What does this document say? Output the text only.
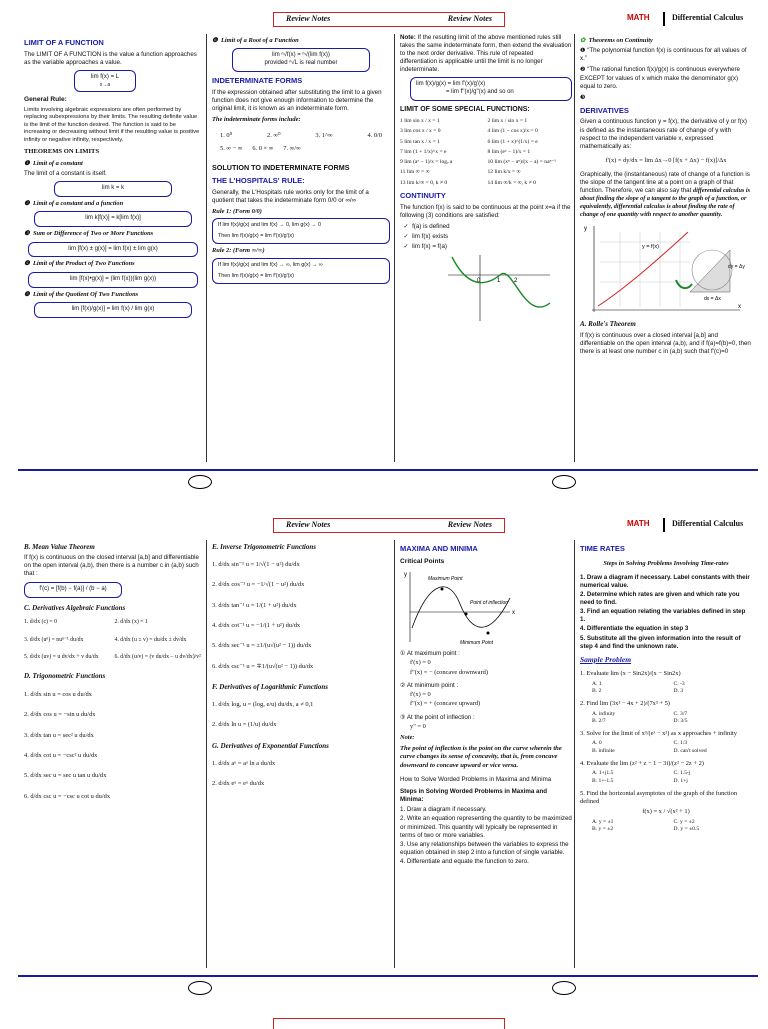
Review Notes	Review Notes	MATH	Differential Calculus
LIMIT OF A FUNCTION

The LIMIT OF A FUNCTION is the value a function approaches as the variable approaches a value.

lim f(x) = L
x→a
General Rule:

Limits involving algebraic expressions are often performed by replacing subexpressions by their limits. The resulting definite value is the limit of the function desired. The function is said to be increasing or decreasing without limit if the resulting value is positive infinity or negative infinity, respectively.

THEOREMS ON LIMITS
❶  Limit of a constant

The limit of a constant is itself.

lim k = k
❷  Limit of a constant and a function
lim k[f(x)] = k[lim f(x)]
❸  Sum or Difference of Two or More Functions
lim [f(x) ± g(x)] = lim f(x) ± lim g(x)
❹  Limit of the Product of Two Functions
lim [f(x)•g(x)] = (lim f(x))(lim g(x))
❺  Limit of the Quotient Of Two Functions
lim [f(x)/g(x)] = lim f(x) / lim g(x)
❻  Limit of a Root of a Function
lim ⁿ√f(x) = ⁿ√(lim f(x))
provided ⁿ√L is real number
INDETERMINATE FORMS

If the expression obtained after substituting the limit to a given function does not give enough information to determine the original limit, it is known as an indeterminate form.

The indeterminate forms include:
1. 0⁰	2. ∞⁰	3. 1^∞	4. 0/0
5. ∞ − ∞ 6. 0 × ∞ 7. ∞/∞
SOLUTION TO INDETERMINATE FORMS
THE L'HOSPITALS' RULE:

Generally, the L'Hospitals rule works only for the limit of a quotient that takes the indeterminate form 0/0 or ∞/∞

Rule 1: (Form 0/0)
If lim f(x)/g(x) and lim f(x) → 0, lim g(x) → 0
Then lim f(x)/g(x) = lim f'(x)/g'(x)
Rule 2: (Form ∞/∞)
If lim f(x)/g(x) and lim f(x) → ∞, lim g(x) → ∞
Then lim f(x)/g(x) = lim f'(x)/g'(x)

Note: If the resulting limit of the above mentioned rules still takes the same indeterminate form, then extend the evaluation to the next order derivative. This rule of repeated differentiation is applicable until the limit is no longer indeterminate.

lim f(x)/g(x) = lim f'(x)/g'(x)
= lim f''(x)/g''(x) and so on
LIMIT OF SOME SPECIAL FUNCTIONS:
1 lim sin x / x = 1	2 lim x / sin x = 1
3 lim cos x / x = 0	4 lim (1 − cos x)/x = 0
5 lim tan x / x = 1	6 lim (1 + x)^(1/x) = e
7 lim (1 + 1/x)^x = e	8 lim (eˣ − 1)/x = 1
9 lim (aˣ − 1)/x = logₑ a	10 lim (xⁿ − aⁿ)/(x − a) = naⁿ⁻¹
11 lim ∞ = ∞	12 lim k/x = ∞
13 lim k/∞ = 0, k ≠ 0	14 lim ∞/k = ∞, k ≠ 0
CONTINUITY

The function f(x) is said to be continuous at the point x=a if the following (3) conditions are satisfied:

✓  f(a) is defined
✓  lim f(x) exists
✓  lim f(x) = f(a)
0	1 2
✿ Theorems on Continuity

❶ “The polynomial function f(x) is continuous for all values of x.”

❷ “The rational function f(x)/g(x) is continuous everywhere EXCEPT for values of x which make the denominator g(x) equal to zero.

❸
DERIVATIVES

Given a continuous function y = f(x), the derivative of y or f(x) is defined as the instantaneous rate of change of y with respect to the independent variable x, expressed mathematically as:

f'(x) = dy/dx = lim Δx→0 [f(x + Δx) − f(x)]/Δx

Graphically, the (instantaneous) rate of change of a function is the slope of the tangent line at a point on a graph of that function. Therefore, we can also say that differential calculus is about finding the slope of a tangent to the graph of a function, or equivalently, differential calculus is about finding the rate of change of one quantity with respect to another quantity.

y
y = f(x)
dy = Δy
dx = Δx
x
A. Rolle's Theorem

If f(x) is continuous over a closed interval [a,b] and differentiable on the open interval (a,b), and if f(a)=f(b)=0, then there is at least one number c in (a,b) such that f'(c)=0

Review Notes	Review Notes	MATH	Differential Calculus
B. Mean Value Theorem

If f(x) is continuous on the closed interval [a,b] and differentiable on the open interval (a,b), then there is a number c in (a,b) such that :

f'(c) = [f(b) − f(a)] / (b − a)
C. Derivatives Algebraic Functions
1. d/dx (c) = 0	2. d/dx (x) = 1
3. d/dx (uⁿ) = nuⁿ⁻¹ du/dx	4. d/dx (u ± v) = du/dx ± dv/dx
5. d/dx (uv) = u dv/dx + v du/dx	6. d/dx (u/v) = (v du/dx − u dv/dx)/v²
D. Trigonometric Functions
1. d/dx sin u = cos u du/dx
2. d/dx cos u = −sin u du/dx
3. d/dx tan u = sec² u du/dx
4. d/dx cot u = −csc² u du/dx
5. d/dx sec u = sec u tan u du/dx
6. d/dx csc u = −csc u cot u du/dx
E. Inverse Trigonometric Functions
1. d/dx sin⁻¹ u = 1/√(1 − u²) du/dx
2. d/dx cos⁻¹ u = −1/√(1 − u²) du/dx
3. d/dx tan⁻¹ u = 1/(1 + u²) du/dx
4. d/dx cot⁻¹ u = −1/(1 + u²) du/dx
5. d/dx sec⁻¹ u = ±1/(u√(u² − 1)) du/dx
6. d/dx csc⁻¹ u = ∓1/(u√(u² − 1)) du/dx
F. Derivatives of Logarithmic Functions
1. d/dx logₐ u = (logₐ e/u) du/dx, a ≠ 0,1
2. d/dx ln u = (1/u) du/dx
G. Derivatives of Exponential Functions
1. d/dx aᵘ = aᵘ ln a du/dx
2. d/dx eᵘ = eᵘ du/dx
MAXIMA AND MINIMA
Critical Points
y
Maximum Point
Point of inflection
x
Minimum Point
① At maximum point :
f'(x) = 0
f"(x) = − (concave downward)
② At minimum point :
f'(x) = 0
f"(x) = + (concave upward)
③ At the point of inflection :
y" = 0
Note:

The point of inflection is the point on the curve wherein the curve changes its sense of concavity, that is, from concave downward to concave upward or vice versa.

How to Solve Worded Problems in Maxima and Minima

Steps in Solving Worded Problems in Maxima and Minima:
1. Draw a diagram if necessary.
2. Write an equation representing the quantity to be maximized or minimized. This quantity will typically be represented in terms of two or more variables.
3. Use any relationships between the variables to express the equation obtained in step 2 into a function of single variable.
4. Differentiate and equate the function to zero.
TIME RATES
Steps in Solving Problems Involving Time-rates
1. Draw a diagram if necessary. Label constants with their numerical value.
2. Determine which rates are given and which rate you need to find.
3. Find an equation relating the variables defined in step 1.
4. Differentiate the equation in step 3
5. Substitute all the given information into the result of step 4 and find the unknown rate.
Sample Problem
1. Evaluate lim (x − Sin2x)/(x − Sin2x)
A. 1	C. -3
B. 2	D. 3
2. Find lim (3x³ − 4x + 2)/(7x³ + 5)
A. infinity	C. 3/7
B. 2/7	D. 3/5
3. Solve for the limit of x³/(eˣ − x²) as x approaches + infinity
A. 0	C. 1/3
B. infinite	D. can't solved
4. Evaluate the lim (z² + z − 1 − 3i)/(z² − 2z + 2)
A. 1+j1.5	C. 1.5-j
B. 1+-1.5	D. 1+j
5. Find the horizontal asymptotes of the graph of the function defined
f(x) = x / √(x² + 1)
A. y = ±1	C. y = ±2
B. y = ±2	D. y = ±0.5
